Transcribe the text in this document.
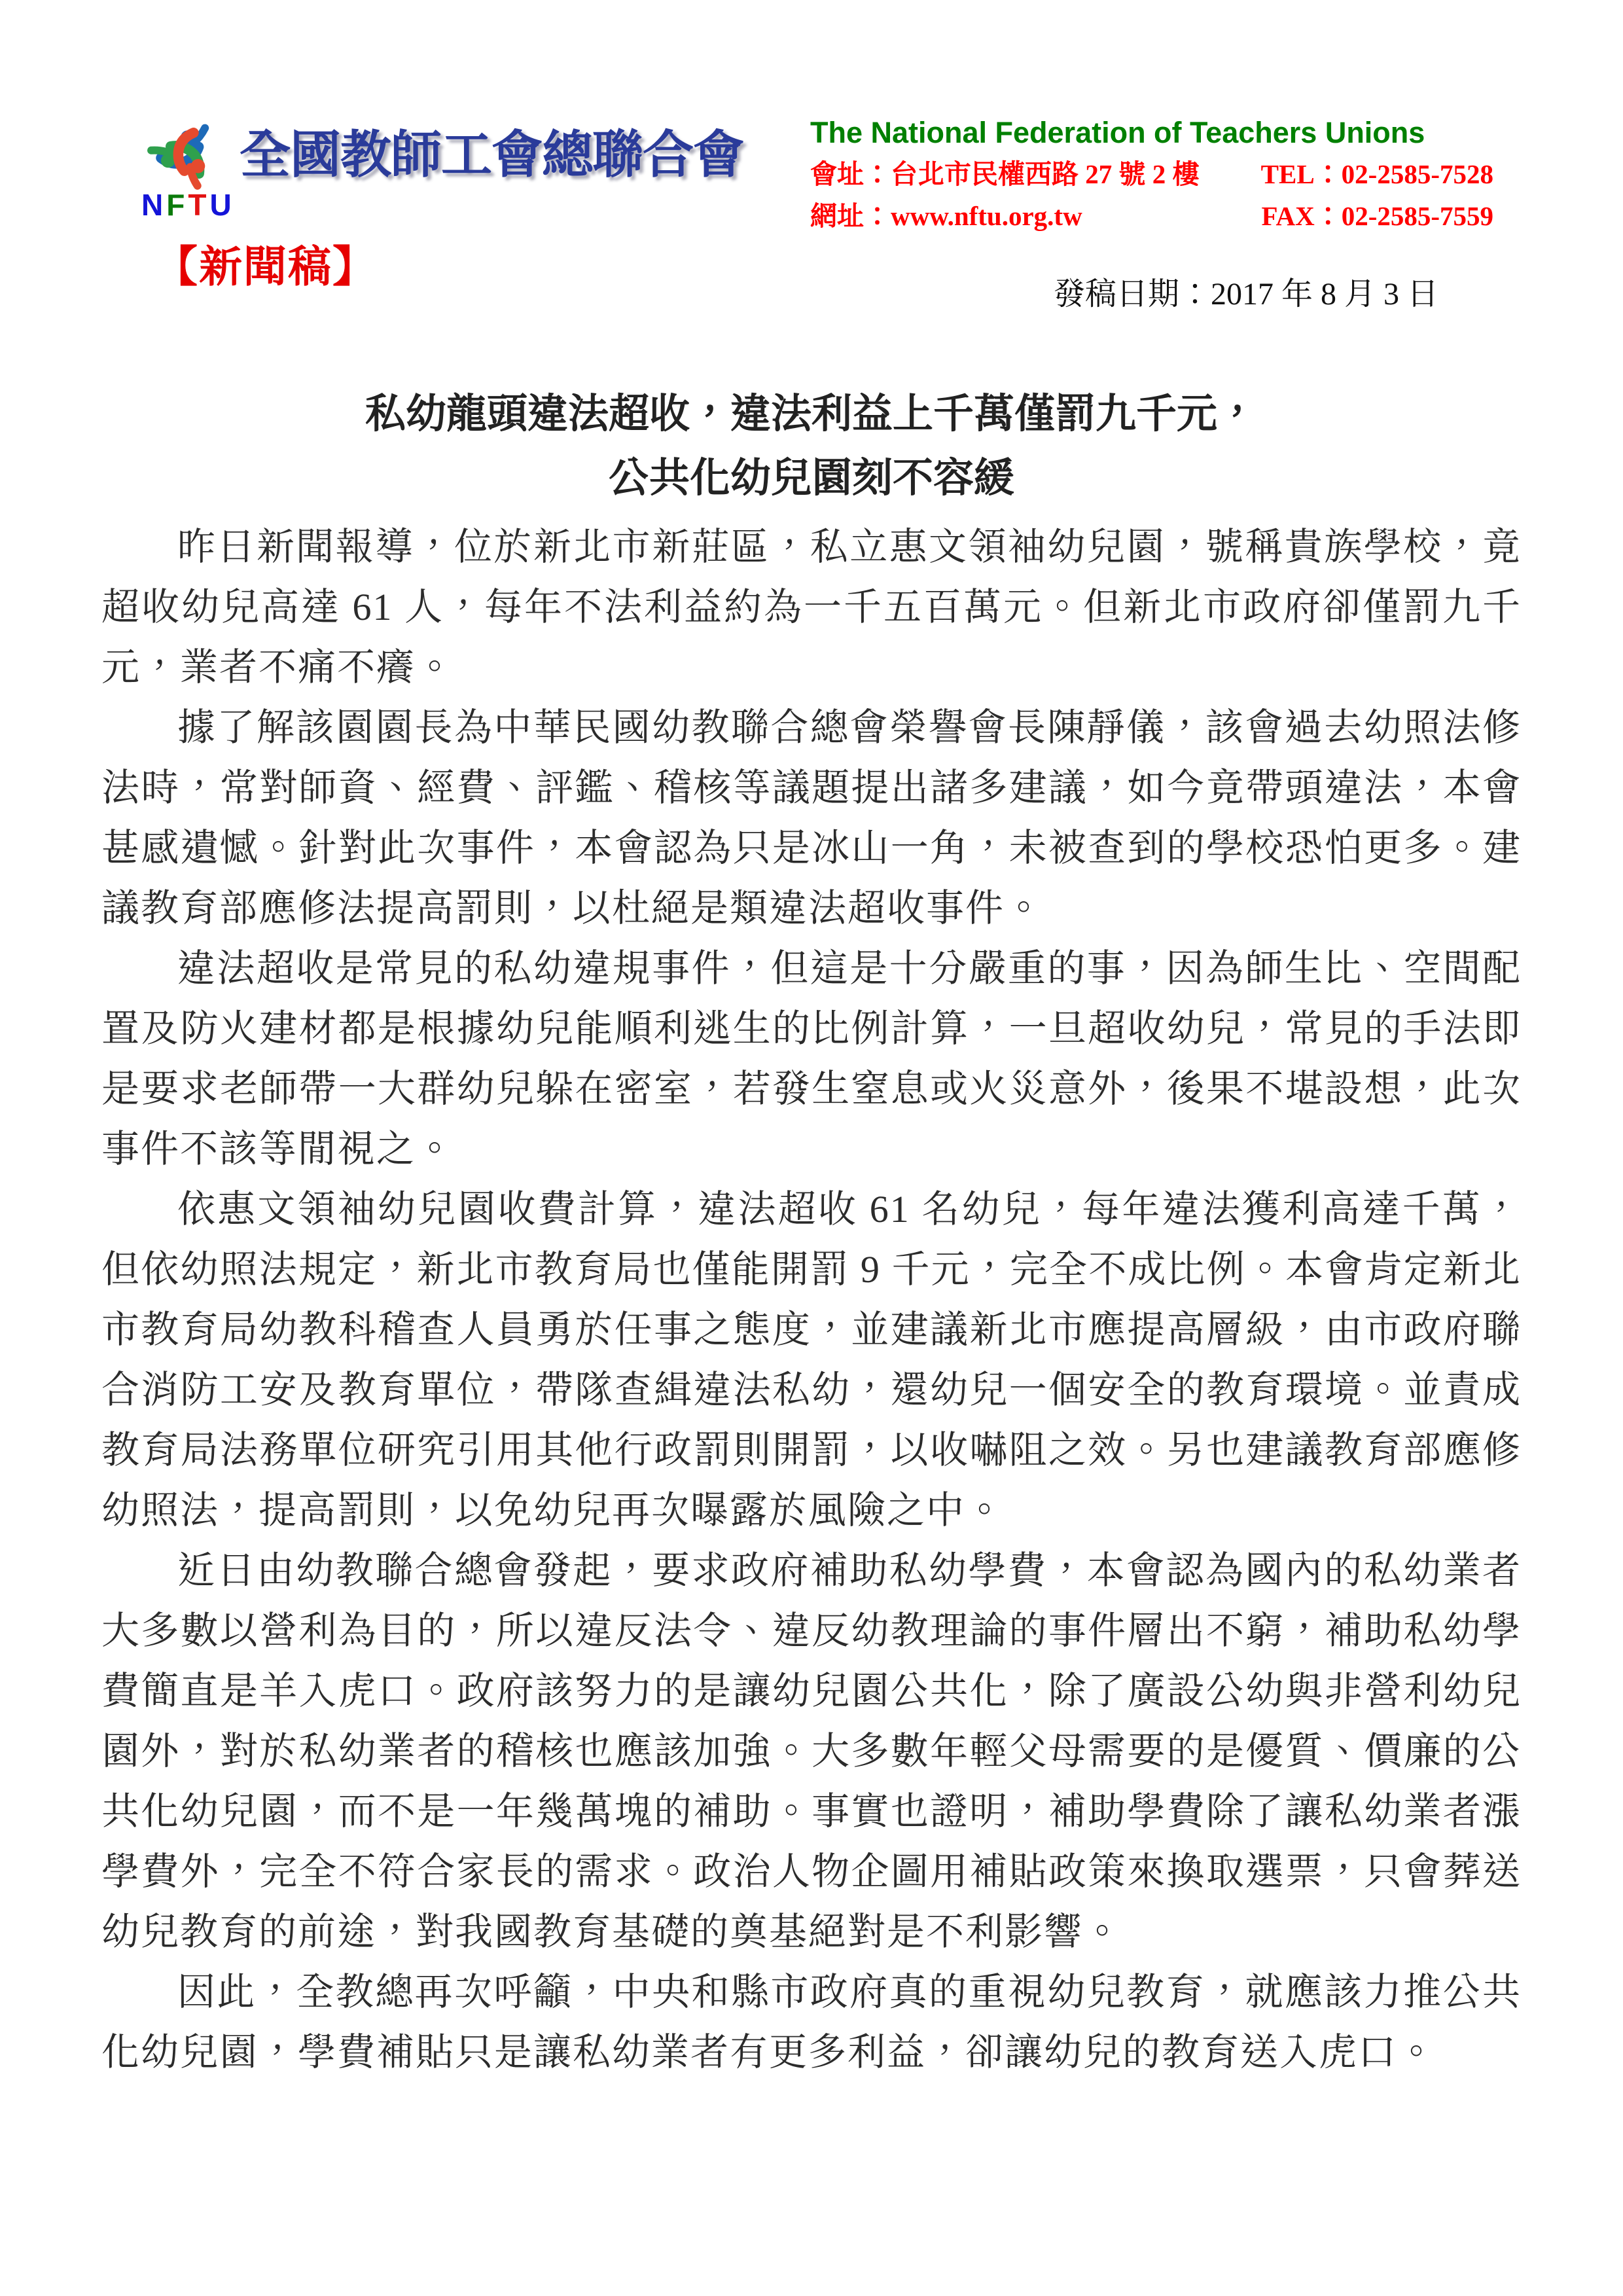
NFTU
全國教師工會總聯合會 The National Federation of Teachers Unions
會址：台北市民權西路 27 號 2 樓 TEL：02-2585-7528
網址：www.nftu.org.tw	FAX：02-2585-7559
【新聞稿】
發稿日期：2017 年 8 月 3 日
私幼龍頭違法超收，違法利益上千萬僅罰九千元，
公共化幼兒園刻不容緩

昨日新聞報導，位於新北市新莊區，私立惠文領袖幼兒園，號稱貴族學校，竟超收幼兒高達 61 人，每年不法利益約為一千五百萬元。但新北市政府卻僅罰九千元，業者不痛不癢。

據了解該園園長為中華民國幼教聯合總會榮譽會長陳靜儀，該會過去幼照法修法時，常對師資、經費、評鑑、稽核等議題提出諸多建議，如今竟帶頭違法，本會甚感遺憾。針對此次事件，本會認為只是冰山一角，未被查到的學校恐怕更多。建議教育部應修法提高罰則，以杜絕是類違法超收事件。

違法超收是常見的私幼違規事件，但這是十分嚴重的事，因為師生比、空間配置及防火建材都是根據幼兒能順利逃生的比例計算，一旦超收幼兒，常見的手法即是要求老師帶一大群幼兒躲在密室，若發生窒息或火災意外，後果不堪設想，此次事件不該等閒視之。

依惠文領袖幼兒園收費計算，違法超收 61 名幼兒，每年違法獲利高達千萬，但依幼照法規定，新北市教育局也僅能開罰 9 千元，完全不成比例。本會肯定新北市教育局幼教科稽查人員勇於任事之態度，並建議新北市應提高層級，由市政府聯合消防工安及教育單位，帶隊查緝違法私幼，還幼兒一個安全的教育環境。並責成教育局法務單位研究引用其他行政罰則開罰，以收嚇阻之效。另也建議教育部應修幼照法，提高罰則，以免幼兒再次曝露於風險之中。

近日由幼教聯合總會發起，要求政府補助私幼學費，本會認為國內的私幼業者大多數以營利為目的，所以違反法令、違反幼教理論的事件層出不窮，補助私幼學費簡直是羊入虎口。政府該努力的是讓幼兒園公共化，除了廣設公幼與非營利幼兒園外，對於私幼業者的稽核也應該加強。大多數年輕父母需要的是優質、價廉的公共化幼兒園，而不是一年幾萬塊的補助。事實也證明，補助學費除了讓私幼業者漲學費外，完全不符合家長的需求。政治人物企圖用補貼政策來換取選票，只會葬送幼兒教育的前途，對我國教育基礎的奠基絕對是不利影響。

因此，全教總再次呼籲，中央和縣市政府真的重視幼兒教育，就應該力推公共化幼兒園，學費補貼只是讓私幼業者有更多利益，卻讓幼兒的教育送入虎口。
